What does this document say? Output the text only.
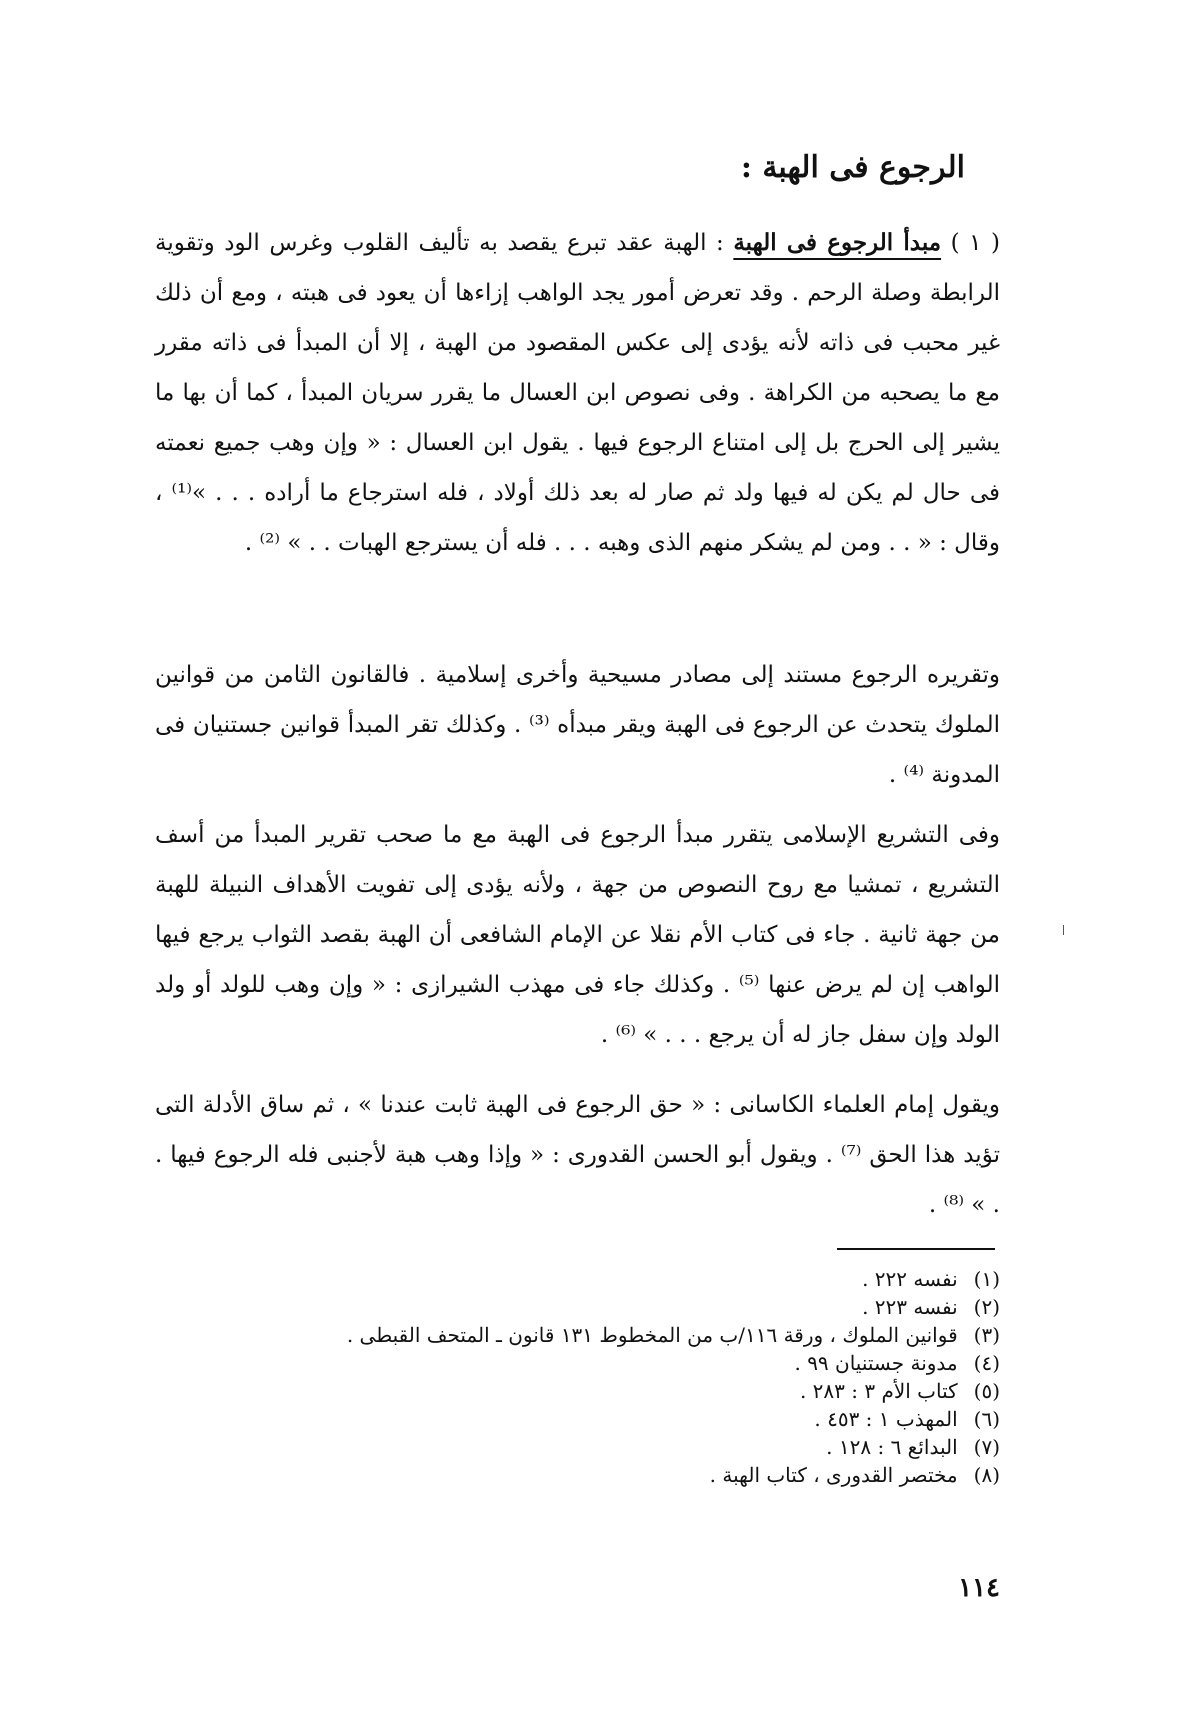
الرجوع فى الهبة :

( ١ ) مبدأ الرجوع فى الهبة : الهبة عقد تبرع يقصد به تأليف القلوب وغرس الود وتقوية الرابطة وصلة الرحم . وقد تعرض أمور يجد الواهب إزاءها أن يعود فى هبته ، ومع أن ذلك غير محبب فى ذاته لأنه يؤدى إلى عكس المقصود من الهبة ، إلا أن المبدأ فى ذاته مقرر مع ما يصحبه من الكراهة . وفى نصوص ابن العسال ما يقرر سريان المبدأ ، كما أن بها ما يشير إلى الحرج بل إلى امتناع الرجوع فيها . يقول ابن العسال : « وإن وهب جميع نعمته فى حال لم يكن له فيها ولد ثم صار له بعد ذلك أولاد ، فله استرجاع ما أراده . . . »⁽¹⁾ ، وقال : « . . ومن لم يشكر منهم الذى وهبه . . . فله أن يسترجع الهبات . . » ⁽²⁾ .

وتقريره الرجوع مستند إلى مصادر مسيحية وأخرى إسلامية . فالقانون الثامن من قوانين الملوك يتحدث عن الرجوع فى الهبة ويقر مبدأه ⁽³⁾ . وكذلك تقر المبدأ قوانين جستنيان فى المدونة ⁽⁴⁾ .

وفى التشريع الإسلامى يتقرر مبدأ الرجوع فى الهبة مع ما صحب تقرير المبدأ من أسف التشريع ، تمشيا مع روح النصوص من جهة ، ولأنه يؤدى إلى تفويت الأهداف النبيلة للهبة من جهة ثانية . جاء فى كتاب الأم نقلا عن الإمام الشافعى أن الهبة بقصد الثواب يرجع فيها الواهب إن لم يرض عنها ⁽⁵⁾ . وكذلك جاء فى مهذب الشيرازى : « وإن وهب للولد أو ولد الولد وإن سفل جاز له أن يرجع . . . » ⁽⁶⁾ .

ويقول إمام العلماء الكاسانى : « حق الرجوع فى الهبة ثابت عندنا » ، ثم ساق الأدلة التى تؤيد هذا الحق ⁽⁷⁾ . ويقول أبو الحسن القدورى : « وإذا وهب هبة لأجنبى فله الرجوع فيها . . » ⁽⁸⁾ .

(١) نفسه ٢٢٢ .
(٢) نفسه ٢٢٣ .
(٣) قوانين الملوك ، ورقة ١١٦/ب من المخطوط ١٣١ قانون ـ المتحف القبطى .
(٤) مدونة جستنيان ٩٩ .
(٥) كتاب الأم ٣ : ٢٨٣ .
(٦) المهذب ١ : ٤٥٣ .
(٧) البدائع ٦ : ١٢٨ .
(٨) مختصر القدورى ، كتاب الهبة .
١١٤
